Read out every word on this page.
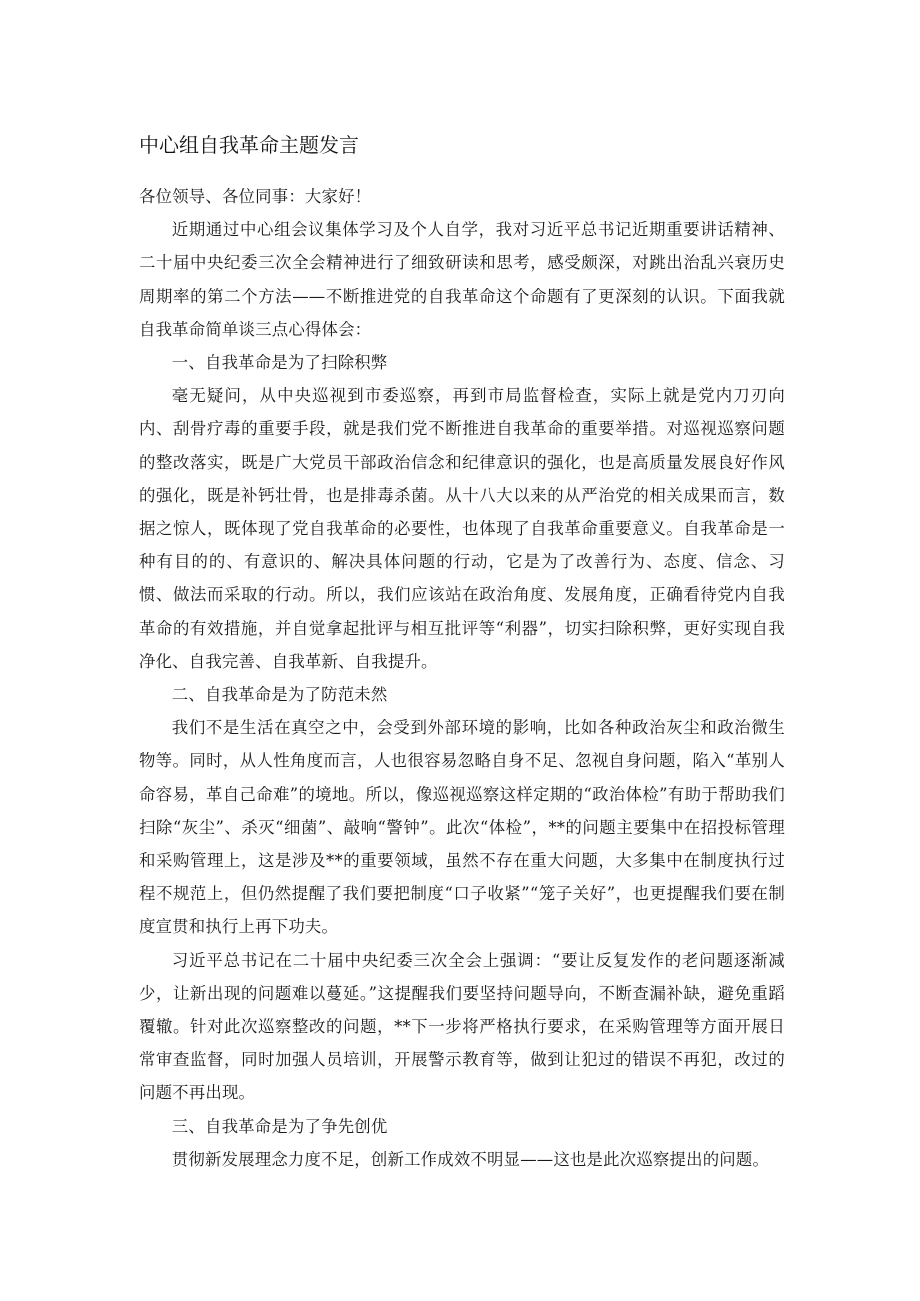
中心组自我革命主题发言

各位领导、各位同事：大家好！

近期通过中心组会议集体学习及个人自学，我对习近平总书记近期重要讲话精神、二十届中央纪委三次全会精神进行了细致研读和思考，感受颇深，对跳出治乱兴衰历史周期率的第二个方法——不断推进党的自我革命这个命题有了更深刻的认识。下面我就自我革命简单谈三点心得体会：

一、自我革命是为了扫除积弊

毫无疑问，从中央巡视到市委巡察，再到市局监督检查，实际上就是党内刀刃向内、刮骨疗毒的重要手段，就是我们党不断推进自我革命的重要举措。对巡视巡察问题的整改落实，既是广大党员干部政治信念和纪律意识的强化，也是高质量发展良好作风的强化，既是补钙壮骨，也是排毒杀菌。从十八大以来的从严治党的相关成果而言，数据之惊人，既体现了党自我革命的必要性，也体现了自我革命重要意义。自我革命是一种有目的的、有意识的、解决具体问题的行动，它是为了改善行为、态度、信念、习惯、做法而采取的行动。所以，我们应该站在政治角度、发展角度，正确看待党内自我革命的有效措施，并自觉拿起批评与相互批评等“利器”，切实扫除积弊，更好实现自我净化、自我完善、自我革新、自我提升。

二、自我革命是为了防范未然

我们不是生活在真空之中，会受到外部环境的影响，比如各种政治灰尘和政治微生物等。同时，从人性角度而言，人也很容易忽略自身不足、忽视自身问题，陷入“革别人命容易，革自己命难”的境地。所以，像巡视巡察这样定期的“政治体检”有助于帮助我们扫除“灰尘”、杀灭“细菌”、敲响“警钟”。此次“体检”，**的问题主要集中在招投标管理和采购管理上，这是涉及**的重要领域，虽然不存在重大问题，大多集中在制度执行过程不规范上，但仍然提醒了我们要把制度“口子收紧”“笼子关好”，也更提醒我们要在制度宣贯和执行上再下功夫。

习近平总书记在二十届中央纪委三次全会上强调：“要让反复发作的老问题逐渐减少，让新出现的问题难以蔓延。”这提醒我们要坚持问题导向，不断查漏补缺，避免重蹈覆辙。针对此次巡察整改的问题，**下一步将严格执行要求，在采购管理等方面开展日常审查监督，同时加强人员培训，开展警示教育等，做到让犯过的错误不再犯，改过的问题不再出现。

三、自我革命是为了争先创优

贯彻新发展理念力度不足，创新工作成效不明显——这也是此次巡察提出的问题。
